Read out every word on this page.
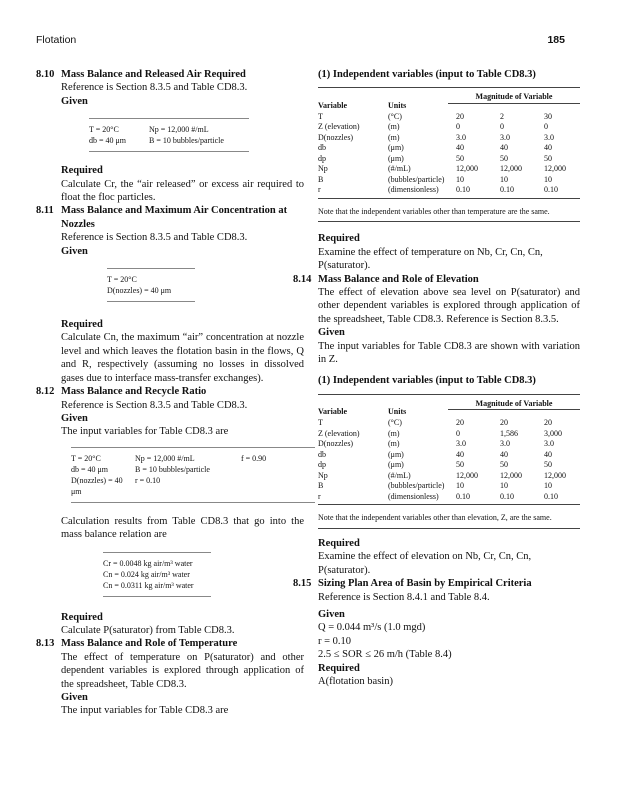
Flotation	185
8.10 Mass Balance and Released Air Required
Reference is Section 8.3.5 and Table CD8.3.
Given
T = 20°C	Np = 12,000 #/mL
db = 40 μm	B = 10 bubbles/particle
Required
Calculate Cr, the “air released” or excess air required to float the floc particles.
8.11 Mass Balance and Maximum Air Concentration at Nozzles
Reference is Section 8.3.5 and Table CD8.3.
Given
T = 20°C
D(nozzles) = 40 μm
Required
Calculate Cn, the maximum “air” concentration at nozzle level and which leaves the flotation basin in the flows, Q and R, respectively (assuming no losses in dissolved gases due to interface mass-transfer exchanges).
8.12 Mass Balance and Recycle Ratio
Reference is Section 8.3.5 and Table CD8.3.
Given
The input variables for Table CD8.3 are
T = 20°C	Np = 12,000 #/mL	f = 0.90
db = 40 μm	B = 10 bubbles/particle
D(nozzles) = 40 μm
r = 0.10
Calculation results from Table CD8.3 that go into the mass balance relation are
Cr = 0.0048 kg air/m³ water
Cn = 0.024 kg air/m³ water
Cn = 0.0311 kg air/m³ water
Required
Calculate P(saturator) from Table CD8.3.
8.13 Mass Balance and Role of Temperature
The effect of temperature on P(saturator) and other dependent variables is explored through application of the spreadsheet, Table CD8.3.
Given
The input variables for Table CD8.3 are
(1) Independent variables (input to Table CD8.3)
Variable	Units	Magnitude of Variable		

T	(°C)	20	2	30
Z (elevation)	(m)	0	0	0
D(nozzles)	(m)	3.0	3.0	3.0
db	(μm)	40	40	40
dp	(μm)	50	50	50
Np	(#/mL)	12,000	12,000	12,000
B	(bubbles/particle)	10	10	10
r	(dimensionless)	0.10	0.10	0.10
Note that the independent variables other than temperature are the same.
Required
Examine the effect of temperature on Nb, Cr, Cn, Cn, P(saturator).
8.14 Mass Balance and Role of Elevation
The effect of elevation above sea level on P(saturator) and other dependent variables is explored through application of the spreadsheet, Table CD8.3. Reference is Section 8.3.5.
Given
The input variables for Table CD8.3 are shown with variation in Z.
(1) Independent variables (input to Table CD8.3)
Variable	Units	Magnitude of Variable		

T	(°C)	20	20	20
Z (elevation)	(m)	0	1,586	3,000
D(nozzles)	(m)	3.0	3.0	3.0
db	(μm)	40	40	40
dp	(μm)	50	50	50
Np	(#/mL)	12,000	12,000	12,000
B	(bubbles/particle)	10	10	10
r	(dimensionless)	0.10	0.10	0.10
Note that the independent variables other than elevation, Z, are the same.
Required
Examine the effect of elevation on Nb, Cr, Cn, Cn, P(saturator).
8.15 Sizing Plan Area of Basin by Empirical Criteria
Reference is Section 8.4.1 and Table 8.4.
Given
Q = 0.044 m³/s (1.0 mgd)
r = 0.10
2.5 ≤ SOR ≤ 26 m/h (Table 8.4)
Required
A(flotation basin)
